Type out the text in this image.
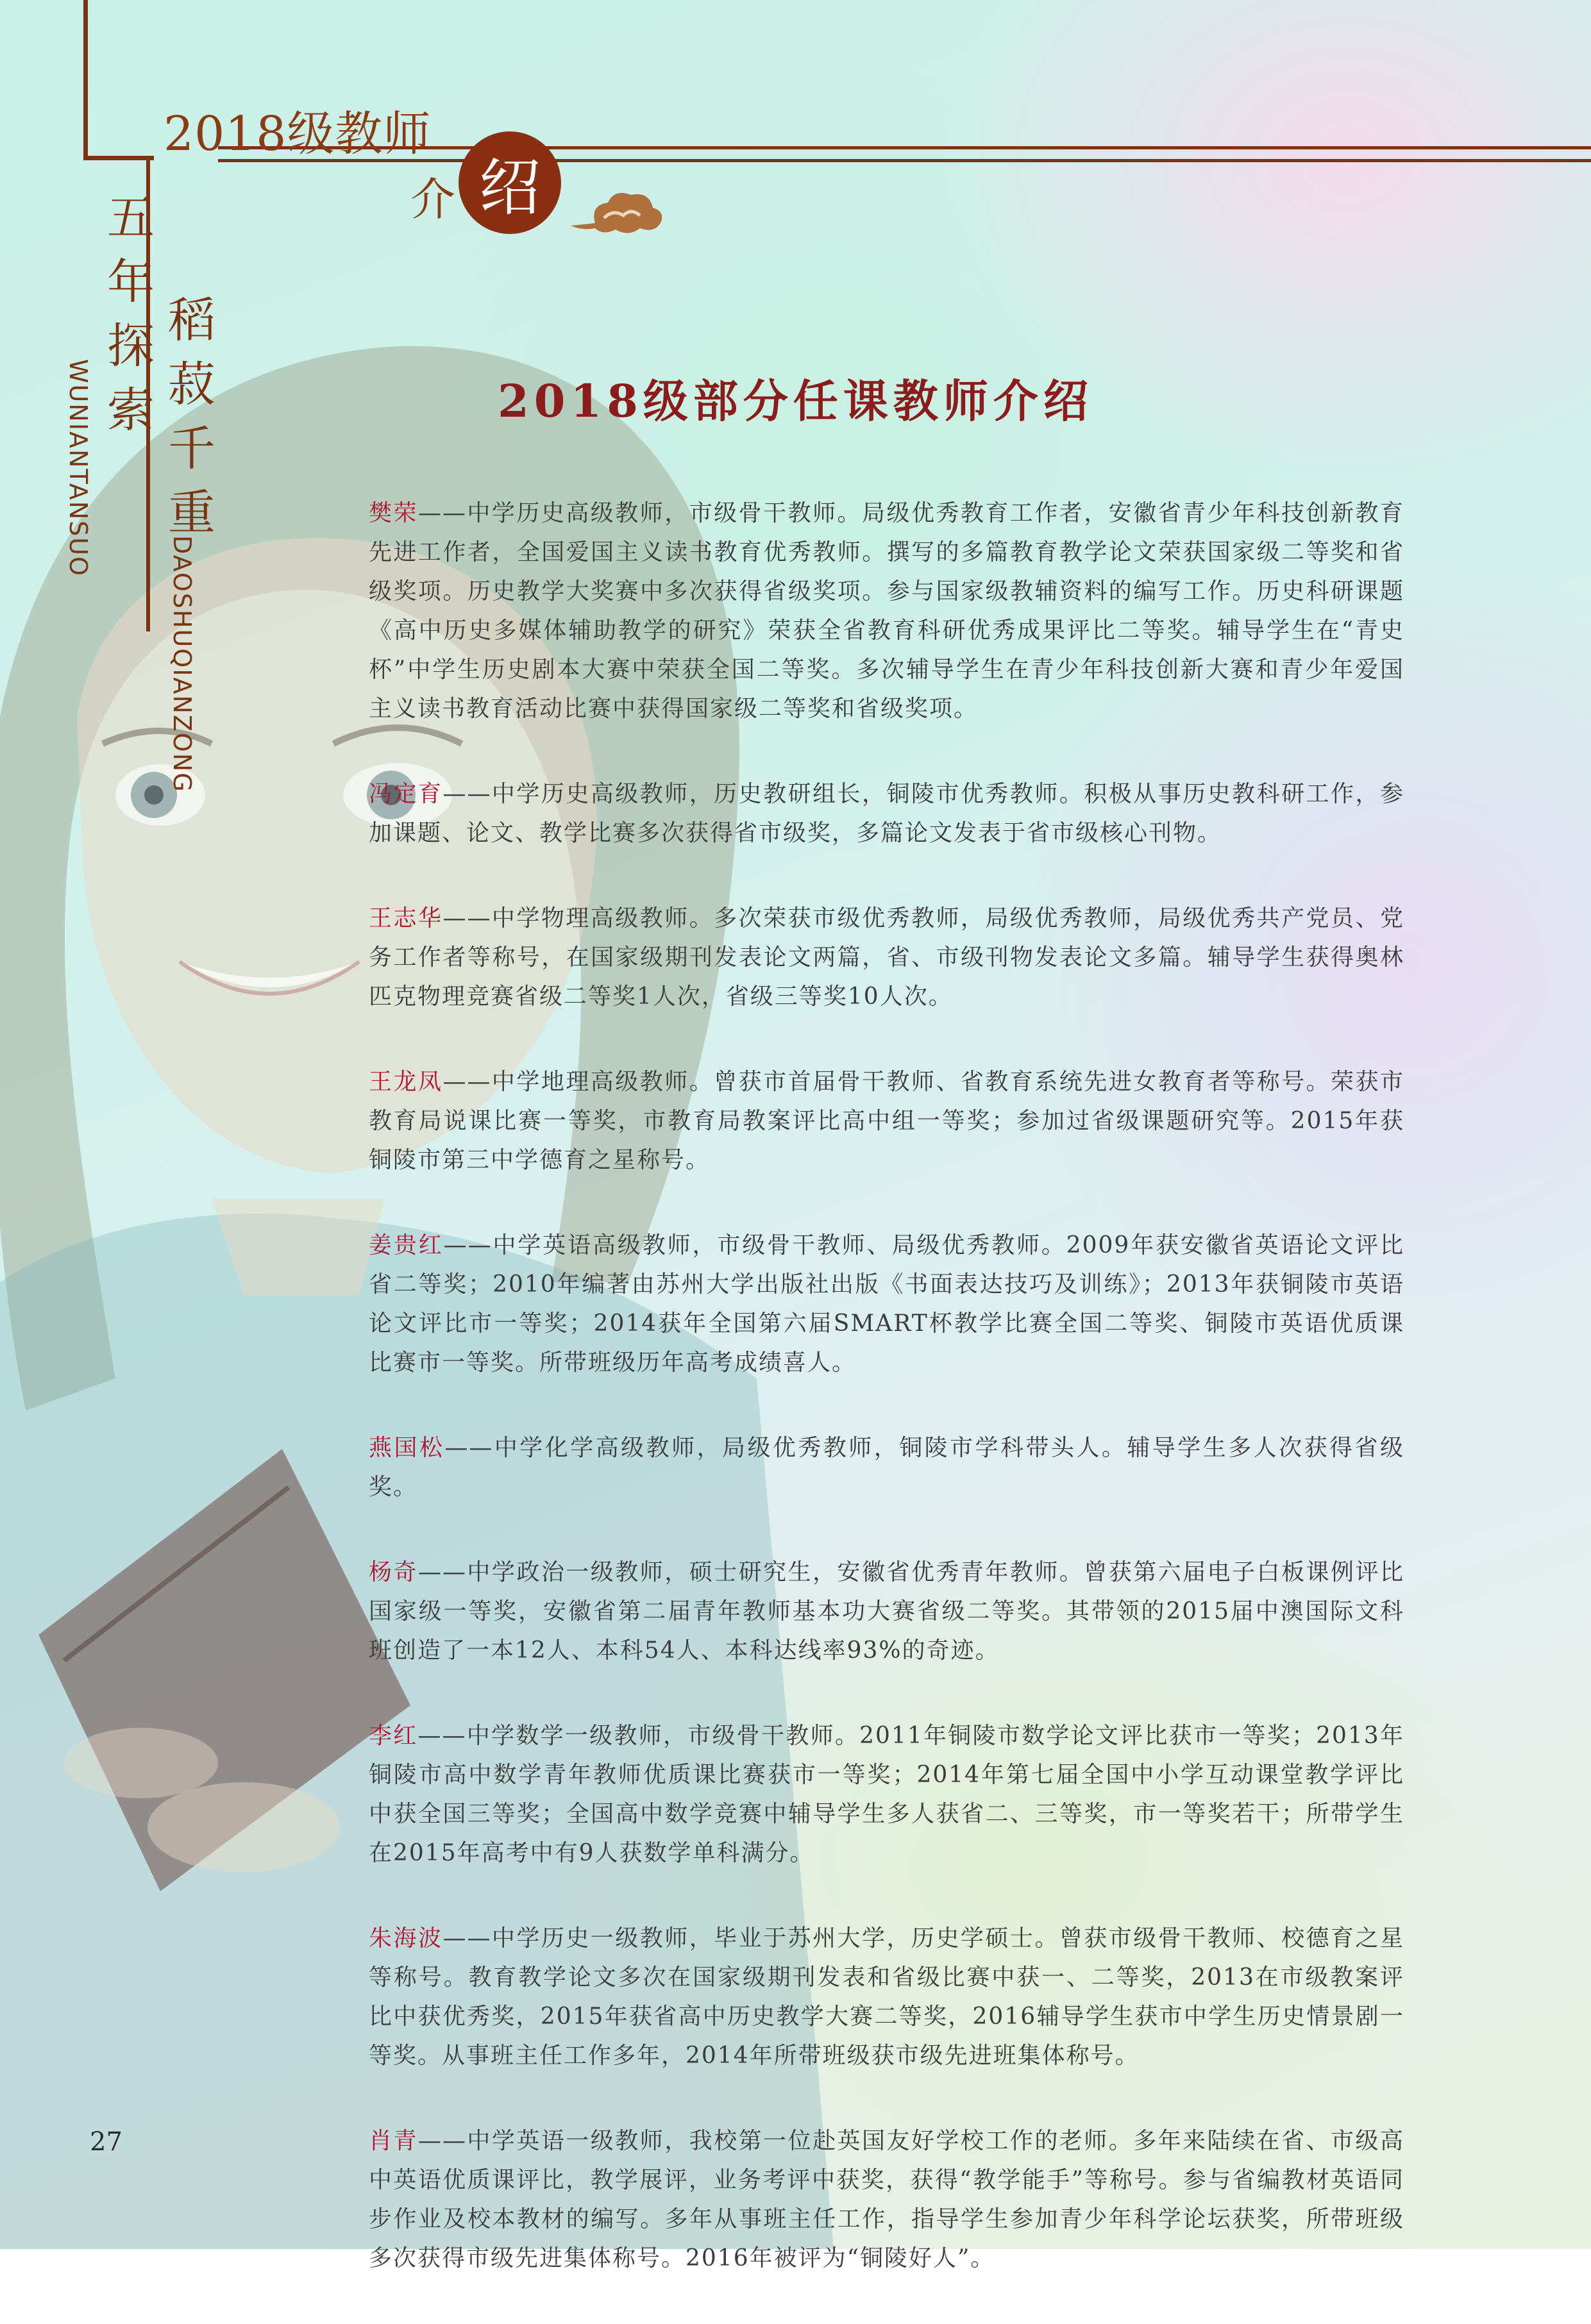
2018级教师
介 绍
五年探索 稻菽千重
WUNIANTANSUO
DAOSHUQIANZONG
2018级部分任课教师介绍

樊荣——中学历史高级教师，市级骨干教师。局级优秀教育工作者，安徽省青少年科技创新教育先进工作者，全国爱国主义读书教育优秀教师。撰写的多篇教育教学论文荣获国家级二等奖和省级奖项。历史教学大奖赛中多次获得省级奖项。参与国家级教辅资料的编写工作。历史科研课题《高中历史多媒体辅助教学的研究》荣获全省教育科研优秀成果评比二等奖。辅导学生在“青史杯”中学生历史剧本大赛中荣获全国二等奖。多次辅导学生在青少年科技创新大赛和青少年爱国主义读书教育活动比赛中获得国家级二等奖和省级奖项。

冯定育——中学历史高级教师，历史教研组长，铜陵市优秀教师。积极从事历史教科研工作，参加课题、论文、教学比赛多次获得省市级奖，多篇论文发表于省市级核心刊物。

王志华——中学物理高级教师。多次荣获市级优秀教师，局级优秀教师，局级优秀共产党员、党务工作者等称号，在国家级期刊发表论文两篇，省、市级刊物发表论文多篇。辅导学生获得奥林匹克物理竞赛省级二等奖1人次，省级三等奖10人次。

王龙凤——中学地理高级教师。曾获市首届骨干教师、省教育系统先进女教育者等称号。荣获市教育局说课比赛一等奖，市教育局教案评比高中组一等奖；参加过省级课题研究等。2015年获铜陵市第三中学德育之星称号。

姜贵红——中学英语高级教师，市级骨干教师、局级优秀教师。2009年获安徽省英语论文评比省二等奖；2010年编著由苏州大学出版社出版《书面表达技巧及训练》；2013年获铜陵市英语论文评比市一等奖；2014获年全国第六届SMART杯教学比赛全国二等奖、铜陵市英语优质课比赛市一等奖。所带班级历年高考成绩喜人。

燕国松——中学化学高级教师，局级优秀教师，铜陵市学科带头人。辅导学生多人次获得省级奖。

杨奇——中学政治一级教师，硕士研究生，安徽省优秀青年教师。曾获第六届电子白板课例评比国家级一等奖，安徽省第二届青年教师基本功大赛省级二等奖。其带领的2015届中澳国际文科班创造了一本12人、本科54人、本科达线率93%的奇迹。

李红——中学数学一级教师，市级骨干教师。2011年铜陵市数学论文评比获市一等奖；2013年铜陵市高中数学青年教师优质课比赛获市一等奖；2014年第七届全国中小学互动课堂教学评比中获全国三等奖；全国高中数学竞赛中辅导学生多人获省二、三等奖，市一等奖若干；所带学生在2015年高考中有9人获数学单科满分。

朱海波——中学历史一级教师，毕业于苏州大学，历史学硕士。曾获市级骨干教师、校德育之星等称号。教育教学论文多次在国家级期刊发表和省级比赛中获一、二等奖，2013在市级教案评比中获优秀奖，2015年获省高中历史教学大赛二等奖，2016辅导学生获市中学生历史情景剧一等奖。从事班主任工作多年，2014年所带班级获市级先进班集体称号。

肖青——中学英语一级教师，我校第一位赴英国友好学校工作的老师。多年来陆续在省、市级高中英语优质课评比，教学展评，业务考评中获奖，获得“教学能手”等称号。参与省编教材英语同步作业及校本教材的编写。多年从事班主任工作，指导学生参加青少年科学论坛获奖，所带班级多次获得市级先进集体称号。2016年被评为“铜陵好人”。

27
